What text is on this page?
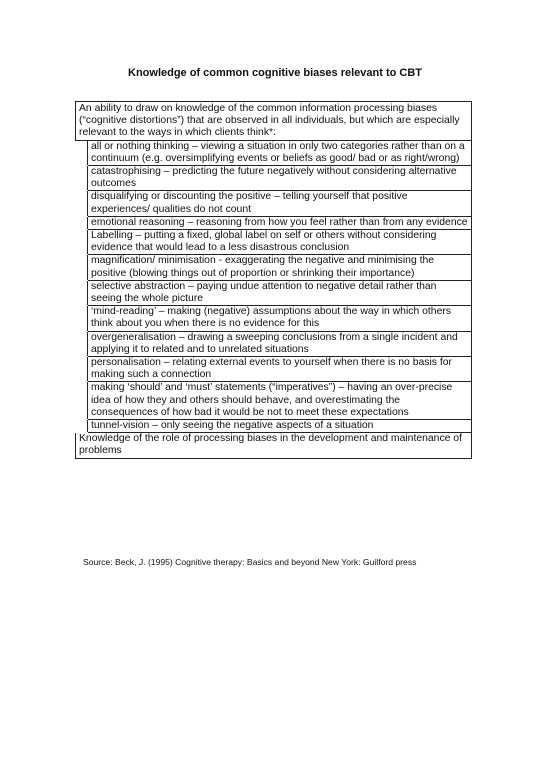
Knowledge of common cognitive biases relevant to CBT
An ability to draw on knowledge of the common information processing biases (“cognitive distortions”) that are observed in all individuals, but which are especially relevant to the ways in which clients think*:	
	all or nothing thinking – viewing a situation in only two categories rather than on a continuum (e.g. oversimplifying events or beliefs as good/ bad or as right/wrong)
	catastrophising – predicting the future negatively without considering alternative outcomes
	disqualifying or discounting the positive – telling yourself that positive experiences/ qualities do not count
	emotional reasoning – reasoning from how you feel rather than from any evidence
	Labelling – putting a fixed, global label on self or others without considering evidence that would lead to a less disastrous conclusion
	magnification/ minimisation - exaggerating the negative and minimising the positive (blowing things out of proportion or shrinking their importance)
	selective abstraction – paying undue attention to negative detail rather than seeing the whole picture
	‘mind-reading’ – making (negative) assumptions about the way in which others think about you when there is no evidence for this
	overgeneralisation – drawing a sweeping conclusions from a single incident and applying it to related and to unrelated situations
	personalisation – relating external events to yourself when there is no basis for making such a connection
	making ‘should’ and ‘must’ statements (“imperatives”) – having an over-precise idea of how they and others should behave, and overestimating the consequences of how bad it would be not to meet these expectations
	tunnel-vision – only seeing the negative aspects of a situation
Knowledge of the role of processing biases in the development and maintenance of problems	
Source: Beck, J. (1995) Cognitive therapy: Basics and beyond New York: Guilford press
